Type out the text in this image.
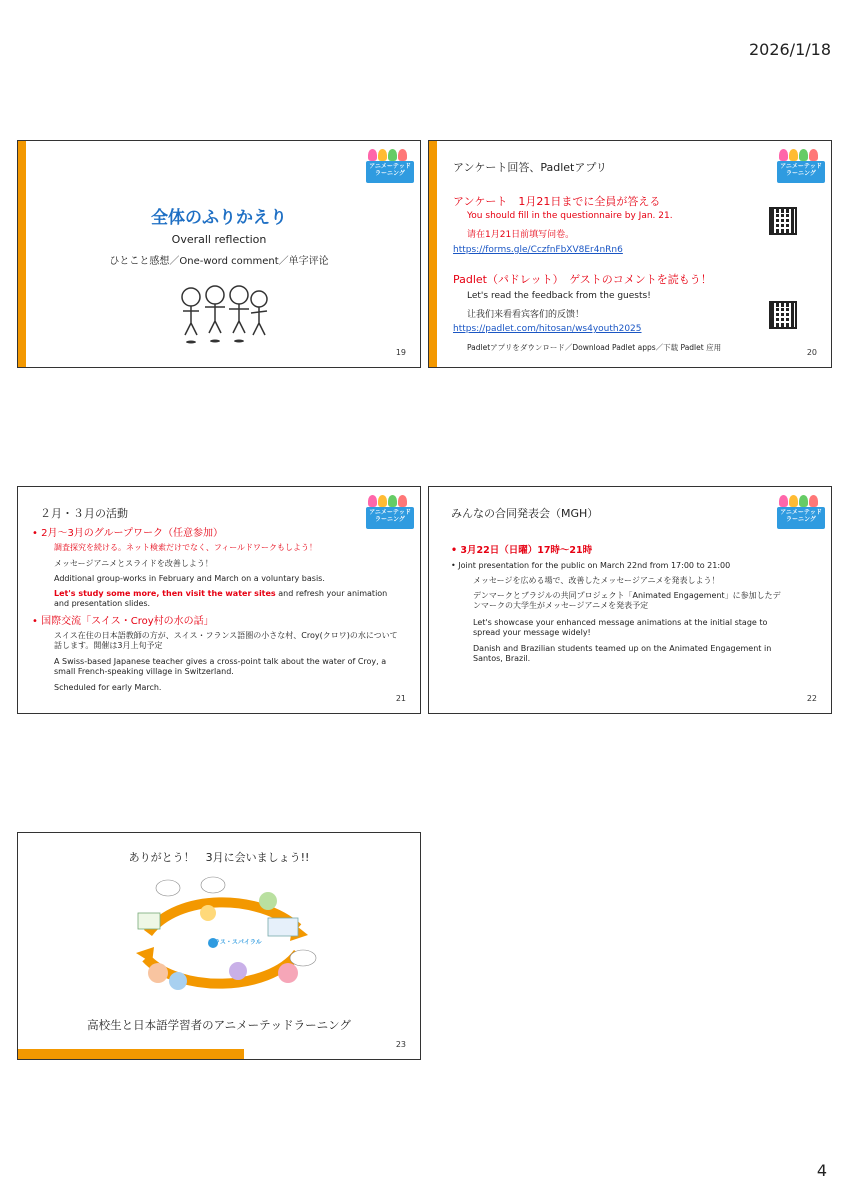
2026/1/18
アニメーテッド
ラーニング
全体のふりかえり
Overall reflection
ひとこと感想／One-word comment／单字评论
19
アニメーテッド
ラーニング
アンケート回答、Padletアプリ
アンケート　1月21日までに全員が答える
You should fill in the questionnaire by Jan. 21.
请在1月21日前填写问卷。
https://forms.gle/CczfnFbXV8Er4nRn6
Padlet（パドレット）　ゲストのコメントを読もう！
Let's read the feedback from the guests!
让我们来看看宾客们的反馈！
https://padlet.com/hitosan/ws4youth2025
Padletアプリをダウンロード／Download Padlet apps／下载 Padlet 应用
20
アニメーテッド
ラーニング
２月・３月の活動
• 2月～3月のグループワーク（任意参加）
調査探究を続ける。ネット検索だけでなく、フィールドワークもしよう！
メッセージアニメとスライドを改善しよう！
Additional group-works in February and March on a voluntary basis.
Let's study some more, then visit the water sites and refresh your animation and presentation slides.
• 国際交流「スイス・Croy村の水の話」
スイス在住の日本語教師の方が、スイス・フランス語圏の小さな村、Croy(クロワ)の水について話します。開催は3月上旬予定
A Swiss-based Japanese teacher gives a cross-point talk about the water of Croy, a small French-speaking village in Switzerland.
Scheduled for early March.
21
アニメーテッド
ラーニング
みんなの合同発表会（MGH）
• 3月22日（日曜）17時～21時
• Joint presentation for the public on March 22nd from 17:00 to 21:00
メッセージを広める場で、改善したメッセージアニメを発表しよう！
デンマークとブラジルの共同プロジェクト「Animated Engagement」に参加したデンマークの大学生がメッセージアニメを発表予定
Let's showcase your enhanced message animations at the initial stage to spread your message widely!
Danish and Brazilian students teamed up on the Animated Engagement in Santos, Brazil.
22
ありがとう！　3月に会いましょう!!
プラス・スパイラル
高校生と日本語学習者のアニメーテッドラーニング
23
4
